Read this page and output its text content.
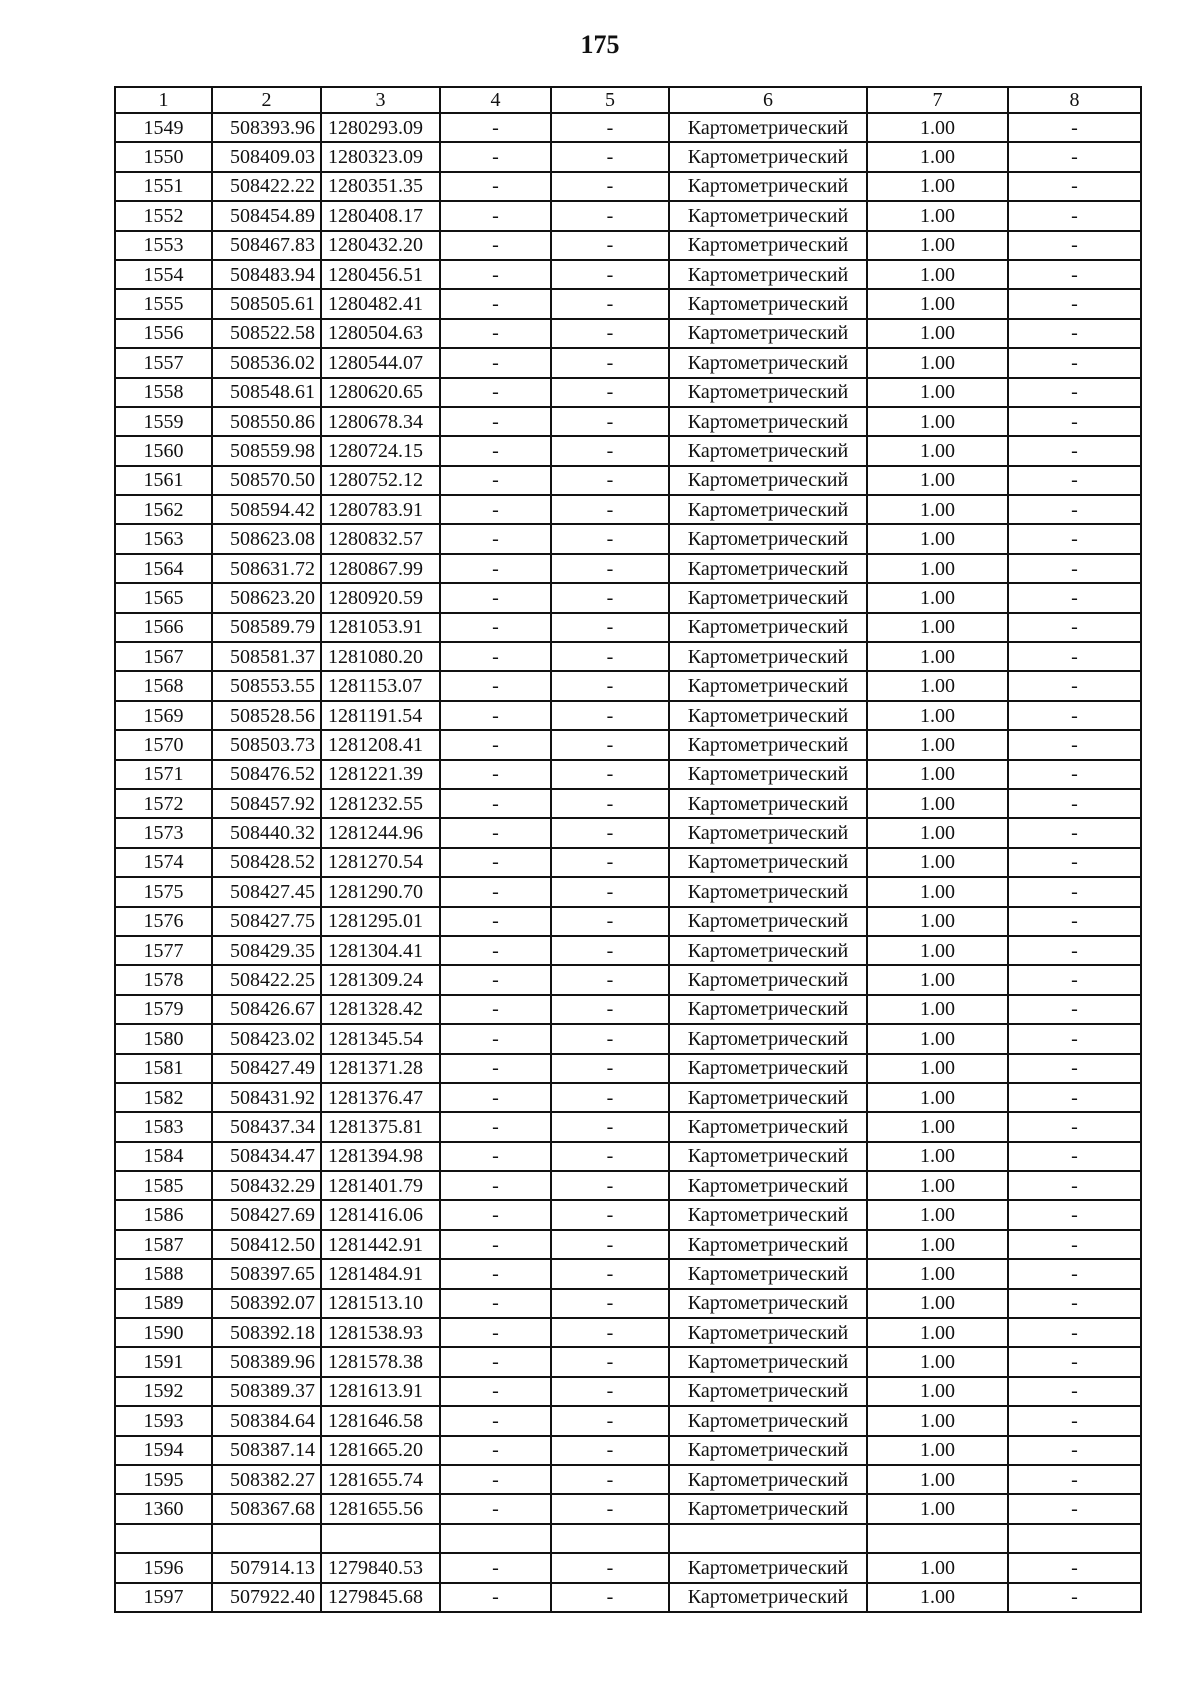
175
1	2	3	4	5	6	7	8
1549	508393.96	1280293.09	-	-	Картометрический	1.00	-
1550	508409.03	1280323.09	-	-	Картометрический	1.00	-
1551	508422.22	1280351.35	-	-	Картометрический	1.00	-
1552	508454.89	1280408.17	-	-	Картометрический	1.00	-
1553	508467.83	1280432.20	-	-	Картометрический	1.00	-
1554	508483.94	1280456.51	-	-	Картометрический	1.00	-
1555	508505.61	1280482.41	-	-	Картометрический	1.00	-
1556	508522.58	1280504.63	-	-	Картометрический	1.00	-
1557	508536.02	1280544.07	-	-	Картометрический	1.00	-
1558	508548.61	1280620.65	-	-	Картометрический	1.00	-
1559	508550.86	1280678.34	-	-	Картометрический	1.00	-
1560	508559.98	1280724.15	-	-	Картометрический	1.00	-
1561	508570.50	1280752.12	-	-	Картометрический	1.00	-
1562	508594.42	1280783.91	-	-	Картометрический	1.00	-
1563	508623.08	1280832.57	-	-	Картометрический	1.00	-
1564	508631.72	1280867.99	-	-	Картометрический	1.00	-
1565	508623.20	1280920.59	-	-	Картометрический	1.00	-
1566	508589.79	1281053.91	-	-	Картометрический	1.00	-
1567	508581.37	1281080.20	-	-	Картометрический	1.00	-
1568	508553.55	1281153.07	-	-	Картометрический	1.00	-
1569	508528.56	1281191.54	-	-	Картометрический	1.00	-
1570	508503.73	1281208.41	-	-	Картометрический	1.00	-
1571	508476.52	1281221.39	-	-	Картометрический	1.00	-
1572	508457.92	1281232.55	-	-	Картометрический	1.00	-
1573	508440.32	1281244.96	-	-	Картометрический	1.00	-
1574	508428.52	1281270.54	-	-	Картометрический	1.00	-
1575	508427.45	1281290.70	-	-	Картометрический	1.00	-
1576	508427.75	1281295.01	-	-	Картометрический	1.00	-
1577	508429.35	1281304.41	-	-	Картометрический	1.00	-
1578	508422.25	1281309.24	-	-	Картометрический	1.00	-
1579	508426.67	1281328.42	-	-	Картометрический	1.00	-
1580	508423.02	1281345.54	-	-	Картометрический	1.00	-
1581	508427.49	1281371.28	-	-	Картометрический	1.00	-
1582	508431.92	1281376.47	-	-	Картометрический	1.00	-
1583	508437.34	1281375.81	-	-	Картометрический	1.00	-
1584	508434.47	1281394.98	-	-	Картометрический	1.00	-
1585	508432.29	1281401.79	-	-	Картометрический	1.00	-
1586	508427.69	1281416.06	-	-	Картометрический	1.00	-
1587	508412.50	1281442.91	-	-	Картометрический	1.00	-
1588	508397.65	1281484.91	-	-	Картометрический	1.00	-
1589	508392.07	1281513.10	-	-	Картометрический	1.00	-
1590	508392.18	1281538.93	-	-	Картометрический	1.00	-
1591	508389.96	1281578.38	-	-	Картометрический	1.00	-
1592	508389.37	1281613.91	-	-	Картометрический	1.00	-
1593	508384.64	1281646.58	-	-	Картометрический	1.00	-
1594	508387.14	1281665.20	-	-	Картометрический	1.00	-
1595	508382.27	1281655.74	-	-	Картометрический	1.00	-
1360	508367.68	1281655.56	-	-	Картометрический	1.00	-

1596	507914.13	1279840.53	-	-	Картометрический	1.00	-
1597	507922.40	1279845.68	-	-	Картометрический	1.00	-
